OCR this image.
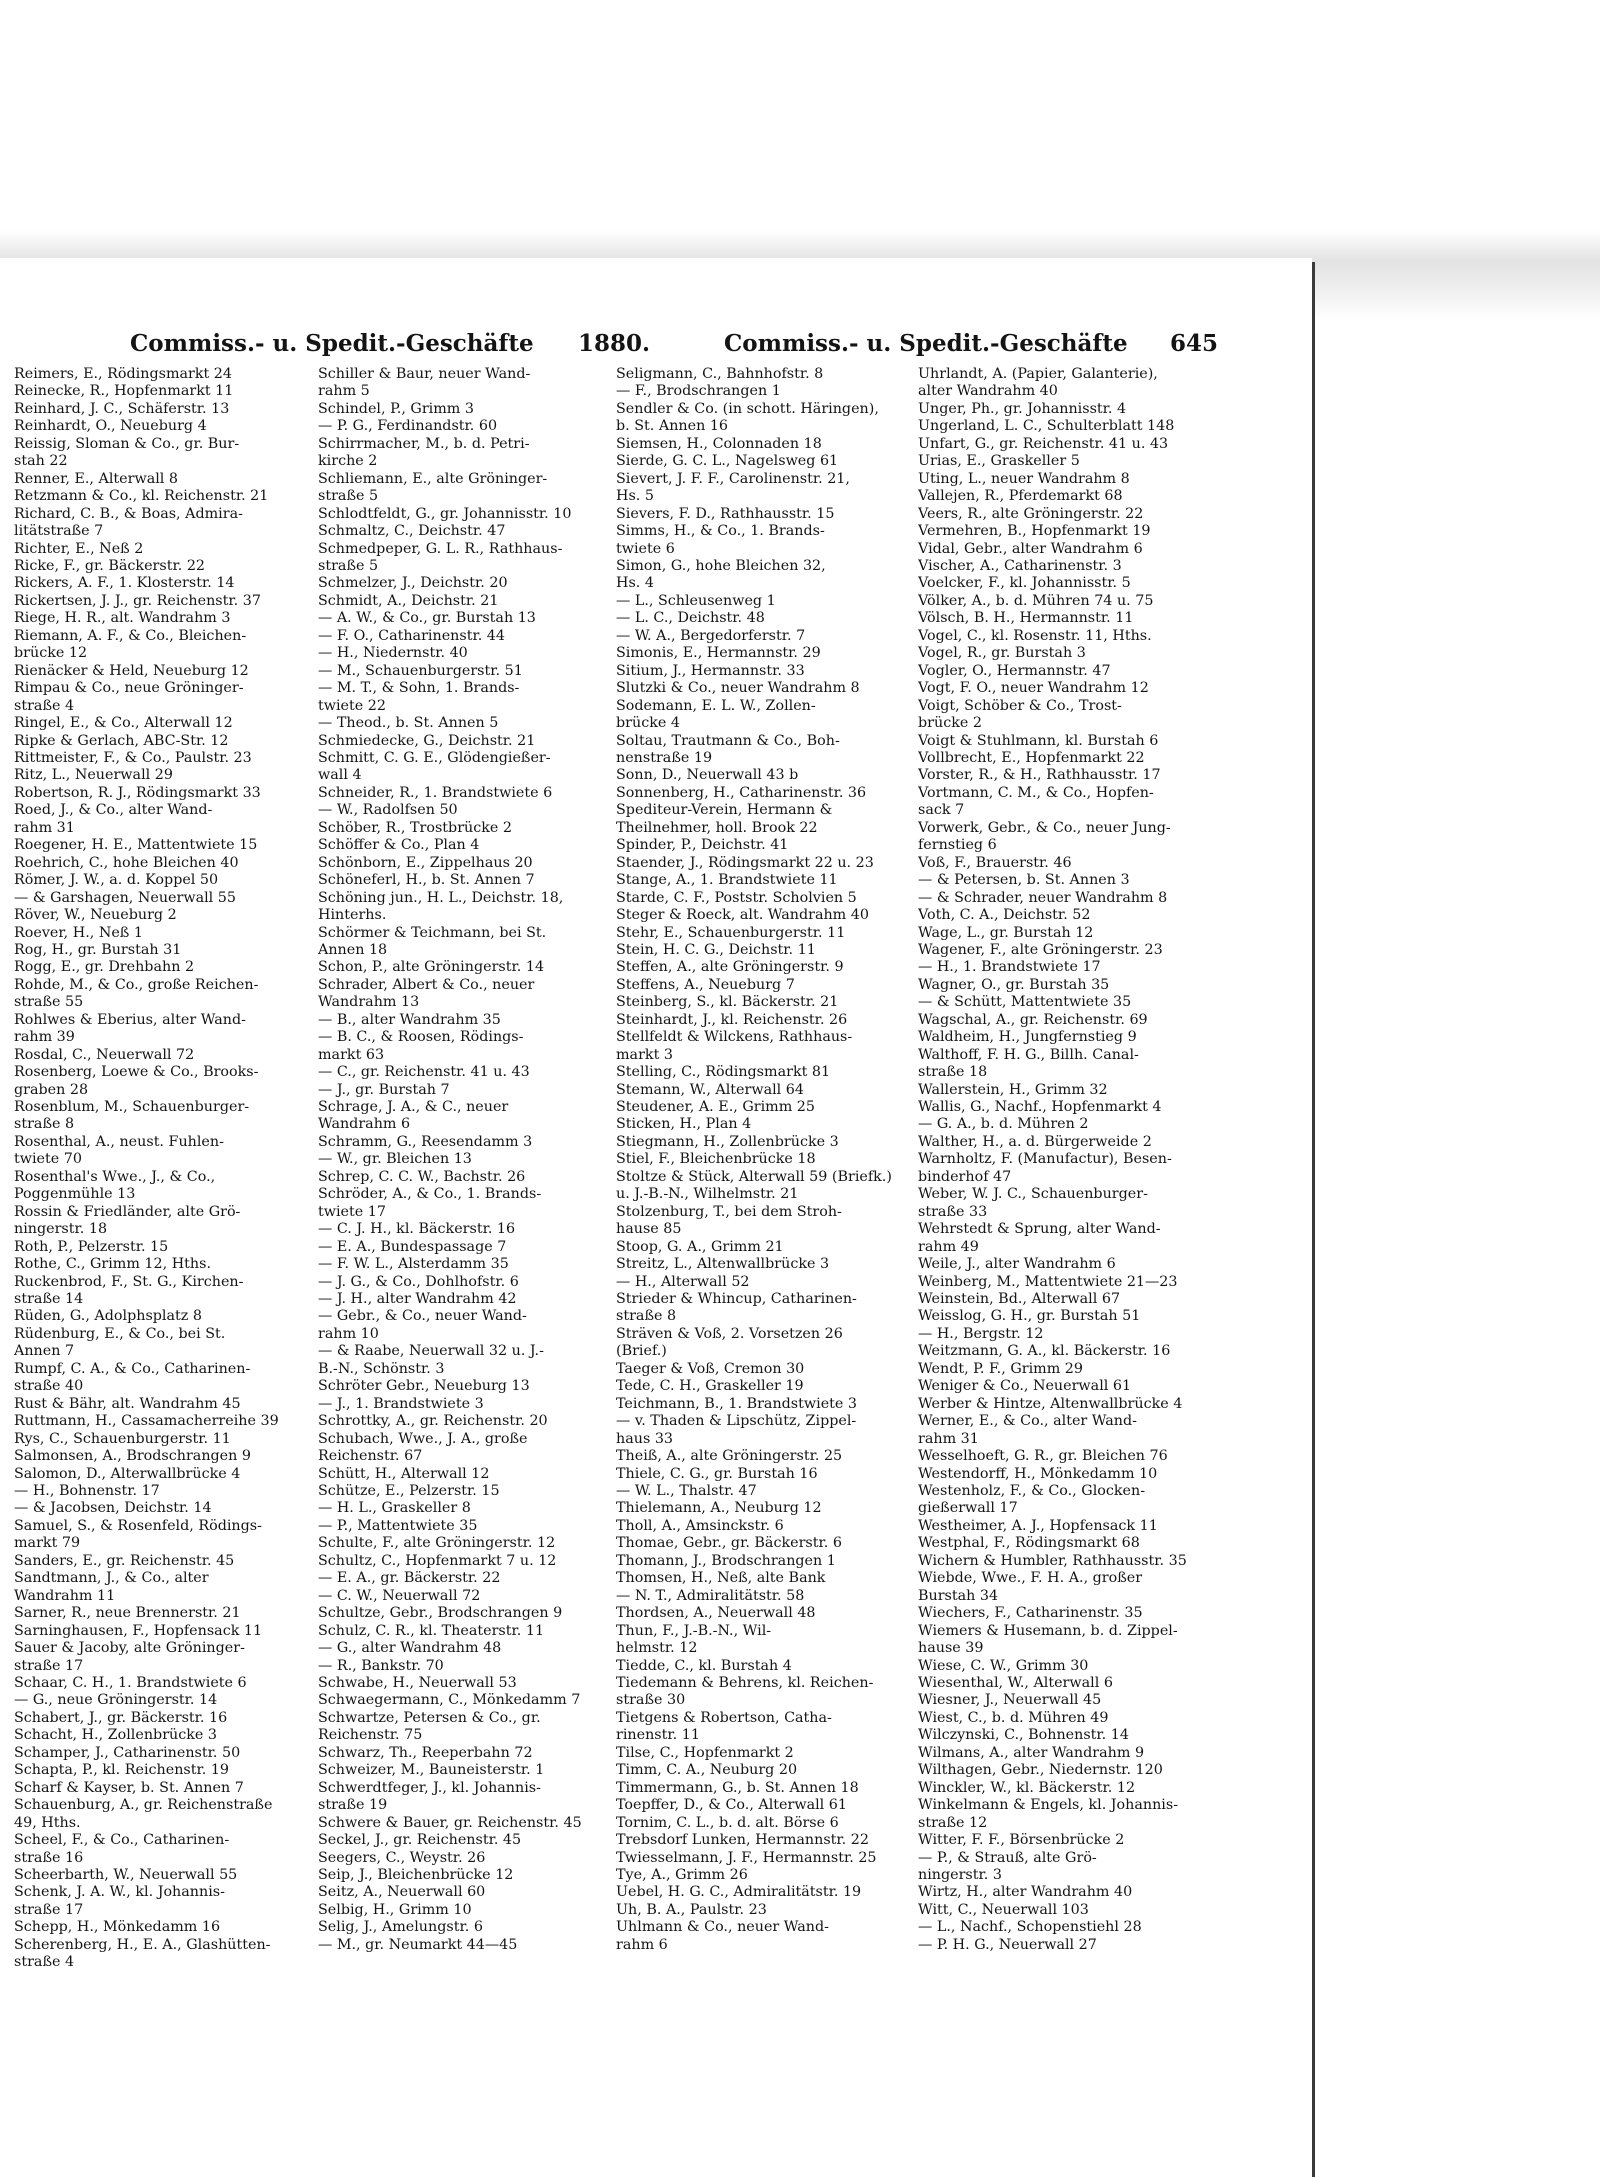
Commiss.- u. Spedit.-Geschäfte 1880.	Commiss.- u. Spedit.-Geschäfte 645
Reimers, E., Rödingsmarkt 24
Reinecke, R., Hopfenmarkt 11
Reinhard, J. C., Schäferstr. 13
Reinhardt, O., Neueburg 4
Reissig, Sloman & Co., gr. Bur-
stah 22
Renner, E., Alterwall 8
Retzmann & Co., kl. Reichenstr. 21
Richard, C. B., & Boas, Admira-
litätstraße 7
Richter, E., Neß 2
Ricke, F., gr. Bäckerstr. 22
Rickers, A. F., 1. Klosterstr. 14
Rickertsen, J. J., gr. Reichenstr. 37
Riege, H. R., alt. Wandrahm 3
Riemann, A. F., & Co., Bleichen-
brücke 12
Rienäcker & Held, Neueburg 12
Rimpau & Co., neue Gröninger-
straße 4
Ringel, E., & Co., Alterwall 12
Ripke & Gerlach, ABC-Str. 12
Rittmeister, F., & Co., Paulstr. 23
Ritz, L., Neuerwall 29
Robertson, R. J., Rödingsmarkt 33
Roed, J., & Co., alter Wand-
rahm 31
Roegener, H. E., Mattentwiete 15
Roehrich, C., hohe Bleichen 40
Römer, J. W., a. d. Koppel 50
— & Garshagen, Neuerwall 55
Röver, W., Neueburg 2
Roever, H., Neß 1
Rog, H., gr. Burstah 31
Rogg, E., gr. Drehbahn 2
Rohde, M., & Co., große Reichen-
straße 55
Rohlwes & Eberius, alter Wand-
rahm 39
Rosdal, C., Neuerwall 72
Rosenberg, Loewe & Co., Brooks-
graben 28
Rosenblum, M., Schauenburger-
straße 8
Rosenthal, A., neust. Fuhlen-
twiete 70
Rosenthal's Wwe., J., & Co.,
Poggenmühle 13
Rossin & Friedländer, alte Grö-
ningerstr. 18
Roth, P., Pelzerstr. 15
Rothe, C., Grimm 12, Hths.
Ruckenbrod, F., St. G., Kirchen-
straße 14
Rüden, G., Adolphsplatz 8
Rüdenburg, E., & Co., bei St.
Annen 7
Rumpf, C. A., & Co., Catharinen-
straße 40
Rust & Bähr, alt. Wandrahm 45
Ruttmann, H., Cassamacherreihe 39
Rys, C., Schauenburgerstr. 11
Salmonsen, A., Brodschrangen 9
Salomon, D., Alterwallbrücke 4
— H., Bohnenstr. 17
— & Jacobsen, Deichstr. 14
Samuel, S., & Rosenfeld, Rödings-
markt 79
Sanders, E., gr. Reichenstr. 45
Sandtmann, J., & Co., alter
Wandrahm 11
Sarner, R., neue Brennerstr. 21
Sarninghausen, F., Hopfensack 11
Sauer & Jacoby, alte Gröninger-
straße 17
Schaar, C. H., 1. Brandstwiete 6
— G., neue Gröningerstr. 14
Schabert, J., gr. Bäckerstr. 16
Schacht, H., Zollenbrücke 3
Schamper, J., Catharinenstr. 50
Schapta, P., kl. Reichenstr. 19
Scharf & Kayser, b. St. Annen 7
Schauenburg, A., gr. Reichenstraße
49, Hths.
Scheel, F., & Co., Catharinen-
straße 16
Scheerbarth, W., Neuerwall 55
Schenk, J. A. W., kl. Johannis-
straße 17
Schepp, H., Mönkedamm 16
Scherenberg, H., E. A., Glashütten-
straße 4
Schiller & Baur, neuer Wand-
rahm 5
Schindel, P., Grimm 3
— P. G., Ferdinandstr. 60
Schirrmacher, M., b. d. Petri-
kirche 2
Schliemann, E., alte Gröninger-
straße 5
Schlodtfeldt, G., gr. Johannisstr. 10
Schmaltz, C., Deichstr. 47
Schmedpeper, G. L. R., Rathhaus-
straße 5
Schmelzer, J., Deichstr. 20
Schmidt, A., Deichstr. 21
— A. W., & Co., gr. Burstah 13
— F. O., Catharinenstr. 44
— H., Niedernstr. 40
— M., Schauenburgerstr. 51
— M. T., & Sohn, 1. Brands-
twiete 22
— Theod., b. St. Annen 5
Schmiedecke, G., Deichstr. 21
Schmitt, C. G. E., Glödengießer-
wall 4
Schneider, R., 1. Brandstwiete 6
— W., Radolfsen 50
Schöber, R., Trostbrücke 2
Schöffer & Co., Plan 4
Schönborn, E., Zippelhaus 20
Schöneferl, H., b. St. Annen 7
Schöning jun., H. L., Deichstr. 18,
Hinterhs.
Schörmer & Teichmann, bei St.
Annen 18
Schon, P., alte Gröningerstr. 14
Schrader, Albert & Co., neuer
Wandrahm 13
— B., alter Wandrahm 35
— B. C., & Roosen, Rödings-
markt 63
— C., gr. Reichenstr. 41 u. 43
— J., gr. Burstah 7
Schrage, J. A., & C., neuer
Wandrahm 6
Schramm, G., Reesendamm 3
— W., gr. Bleichen 13
Schrep, C. C. W., Bachstr. 26
Schröder, A., & Co., 1. Brands-
twiete 17
— C. J. H., kl. Bäckerstr. 16
— E. A., Bundespassage 7
— F. W. L., Alsterdamm 35
— J. G., & Co., Dohlhofstr. 6
— J. H., alter Wandrahm 42
— Gebr., & Co., neuer Wand-
rahm 10
— & Raabe, Neuerwall 32 u. J.-
B.-N., Schönstr. 3
Schröter Gebr., Neueburg 13
— J., 1. Brandstwiete 3
Schrottky, A., gr. Reichenstr. 20
Schubach, Wwe., J. A., große
Reichenstr. 67
Schütt, H., Alterwall 12
Schütze, E., Pelzerstr. 15
— H. L., Graskeller 8
— P., Mattentwiete 35
Schulte, F., alte Gröningerstr. 12
Schultz, C., Hopfenmarkt 7 u. 12
— E. A., gr. Bäckerstr. 22
— C. W., Neuerwall 72
Schultze, Gebr., Brodschrangen 9
Schulz, C. R., kl. Theaterstr. 11
— G., alter Wandrahm 48
— R., Bankstr. 70
Schwabe, H., Neuerwall 53
Schwaegermann, C., Mönkedamm 7
Schwartze, Petersen & Co., gr.
Reichenstr. 75
Schwarz, Th., Reeperbahn 72
Schweizer, M., Bauneisterstr. 1
Schwerdtfeger, J., kl. Johannis-
straße 19
Schwere & Bauer, gr. Reichenstr. 45
Seckel, J., gr. Reichenstr. 45
Seegers, C., Weystr. 26
Seip, J., Bleichenbrücke 12
Seitz, A., Neuerwall 60
Selbig, H., Grimm 10
Selig, J., Amelungstr. 6
— M., gr. Neumarkt 44—45
Seligmann, C., Bahnhofstr. 8
— F., Brodschrangen 1
Sendler & Co. (in schott. Häringen),
b. St. Annen 16
Siemsen, H., Colonnaden 18
Sierde, G. C. L., Nagelsweg 61
Sievert, J. F. F., Carolinenstr. 21,
Hs. 5
Sievers, F. D., Rathhausstr. 15
Simms, H., & Co., 1. Brands-
twiete 6
Simon, G., hohe Bleichen 32,
Hs. 4
— L., Schleusenweg 1
— L. C., Deichstr. 48
— W. A., Bergedorferstr. 7
Simonis, E., Hermannstr. 29
Sitium, J., Hermannstr. 33
Slutzki & Co., neuer Wandrahm 8
Sodemann, E. L. W., Zollen-
brücke 4
Soltau, Trautmann & Co., Boh-
nenstraße 19
Sonn, D., Neuerwall 43 b
Sonnenberg, H., Catharinenstr. 36
Spediteur-Verein, Hermann &
Theilnehmer, holl. Brook 22
Spinder, P., Deichstr. 41
Staender, J., Rödingsmarkt 22 u. 23
Stange, A., 1. Brandstwiete 11
Starde, C. F., Poststr. Scholvien 5
Steger & Roeck, alt. Wandrahm 40
Stehr, E., Schauenburgerstr. 11
Stein, H. C. G., Deichstr. 11
Steffen, A., alte Gröningerstr. 9
Steffens, A., Neueburg 7
Steinberg, S., kl. Bäckerstr. 21
Steinhardt, J., kl. Reichenstr. 26
Stellfeldt & Wilckens, Rathhaus-
markt 3
Stelling, C., Rödingsmarkt 81
Stemann, W., Alterwall 64
Steudener, A. E., Grimm 25
Sticken, H., Plan 4
Stiegmann, H., Zollenbrücke 3
Stiel, F., Bleichenbrücke 18
Stoltze & Stück, Alterwall 59 (Briefk.)
u. J.-B.-N., Wilhelmstr. 21
Stolzenburg, T., bei dem Stroh-
hause 85
Stoop, G. A., Grimm 21
Streitz, L., Altenwallbrücke 3
— H., Alterwall 52
Strieder & Whincup, Catharinen-
straße 8
Sträven & Voß, 2. Vorsetzen 26
(Brief.)
Taeger & Voß, Cremon 30
Tede, C. H., Graskeller 19
Teichmann, B., 1. Brandstwiete 3
— v. Thaden & Lipschütz, Zippel-
haus 33
Theiß, A., alte Gröningerstr. 25
Thiele, C. G., gr. Burstah 16
— W. L., Thalstr. 47
Thielemann, A., Neuburg 12
Tholl, A., Amsinckstr. 6
Thomae, Gebr., gr. Bäckerstr. 6
Thomann, J., Brodschrangen 1
Thomsen, H., Neß, alte Bank
— N. T., Admiralitätstr. 58
Thordsen, A., Neuerwall 48
Thun, F., J.-B.-N., Wil-
helmstr. 12
Tiedde, C., kl. Burstah 4
Tiedemann & Behrens, kl. Reichen-
straße 30
Tietgens & Robertson, Catha-
rinenstr. 11
Tilse, C., Hopfenmarkt 2
Timm, C. A., Neuburg 20
Timmermann, G., b. St. Annen 18
Toepffer, D., & Co., Alterwall 61
Tornim, C. L., b. d. alt. Börse 6
Trebsdorf Lunken, Hermannstr. 22
Twiesselmann, J. F., Hermannstr. 25
Tye, A., Grimm 26
Uebel, H. G. C., Admiralitätstr. 19
Uh, B. A., Paulstr. 23
Uhlmann & Co., neuer Wand-
rahm 6
Uhrlandt, A. (Papier, Galanterie),
alter Wandrahm 40
Unger, Ph., gr. Johannisstr. 4
Ungerland, L. C., Schulterblatt 148
Unfart, G., gr. Reichenstr. 41 u. 43
Urias, E., Graskeller 5
Uting, L., neuer Wandrahm 8
Vallejen, R., Pferdemarkt 68
Veers, R., alte Gröningerstr. 22
Vermehren, B., Hopfenmarkt 19
Vidal, Gebr., alter Wandrahm 6
Vischer, A., Catharinenstr. 3
Voelcker, F., kl. Johannisstr. 5
Völker, A., b. d. Mühren 74 u. 75
Völsch, B. H., Hermannstr. 11
Vogel, C., kl. Rosenstr. 11, Hths.
Vogel, R., gr. Burstah 3
Vogler, O., Hermannstr. 47
Vogt, F. O., neuer Wandrahm 12
Voigt, Schöber & Co., Trost-
brücke 2
Voigt & Stuhlmann, kl. Burstah 6
Vollbrecht, E., Hopfenmarkt 22
Vorster, R., & H., Rathhausstr. 17
Vortmann, C. M., & Co., Hopfen-
sack 7
Vorwerk, Gebr., & Co., neuer Jung-
fernstieg 6
Voß, F., Brauerstr. 46
— & Petersen, b. St. Annen 3
— & Schrader, neuer Wandrahm 8
Voth, C. A., Deichstr. 52
Wage, L., gr. Burstah 12
Wagener, F., alte Gröningerstr. 23
— H., 1. Brandstwiete 17
Wagner, O., gr. Burstah 35
— & Schütt, Mattentwiete 35
Wagschal, A., gr. Reichenstr. 69
Waldheim, H., Jungfernstieg 9
Walthoff, F. H. G., Billh. Canal-
straße 18
Wallerstein, H., Grimm 32
Wallis, G., Nachf., Hopfenmarkt 4
— G. A., b. d. Mühren 2
Walther, H., a. d. Bürgerweide 2
Warnholtz, F. (Manufactur), Besen-
binderhof 47
Weber, W. J. C., Schauenburger-
straße 33
Wehrstedt & Sprung, alter Wand-
rahm 49
Weile, J., alter Wandrahm 6
Weinberg, M., Mattentwiete 21—23
Weinstein, Bd., Alterwall 67
Weisslog, G. H., gr. Burstah 51
— H., Bergstr. 12
Weitzmann, G. A., kl. Bäckerstr. 16
Wendt, P. F., Grimm 29
Weniger & Co., Neuerwall 61
Werber & Hintze, Altenwallbrücke 4
Werner, E., & Co., alter Wand-
rahm 31
Wesselhoeft, G. R., gr. Bleichen 76
Westendorff, H., Mönkedamm 10
Westenholz, F., & Co., Glocken-
gießerwall 17
Westheimer, A. J., Hopfensack 11
Westphal, F., Rödingsmarkt 68
Wichern & Humbler, Rathhausstr. 35
Wiebde, Wwe., F. H. A., großer
Burstah 34
Wiechers, F., Catharinenstr. 35
Wiemers & Husemann, b. d. Zippel-
hause 39
Wiese, C. W., Grimm 30
Wiesenthal, W., Alterwall 6
Wiesner, J., Neuerwall 45
Wiest, C., b. d. Mühren 49
Wilczynski, C., Bohnenstr. 14
Wilmans, A., alter Wandrahm 9
Wilthagen, Gebr., Niedernstr. 120
Winckler, W., kl. Bäckerstr. 12
Winkelmann & Engels, kl. Johannis-
straße 12
Witter, F. F., Börsenbrücke 2
— P., & Strauß, alte Grö-
ningerstr. 3
Wirtz, H., alter Wandrahm 40
Witt, C., Neuerwall 103
— L., Nachf., Schopenstiehl 28
— P. H. G., Neuerwall 27
